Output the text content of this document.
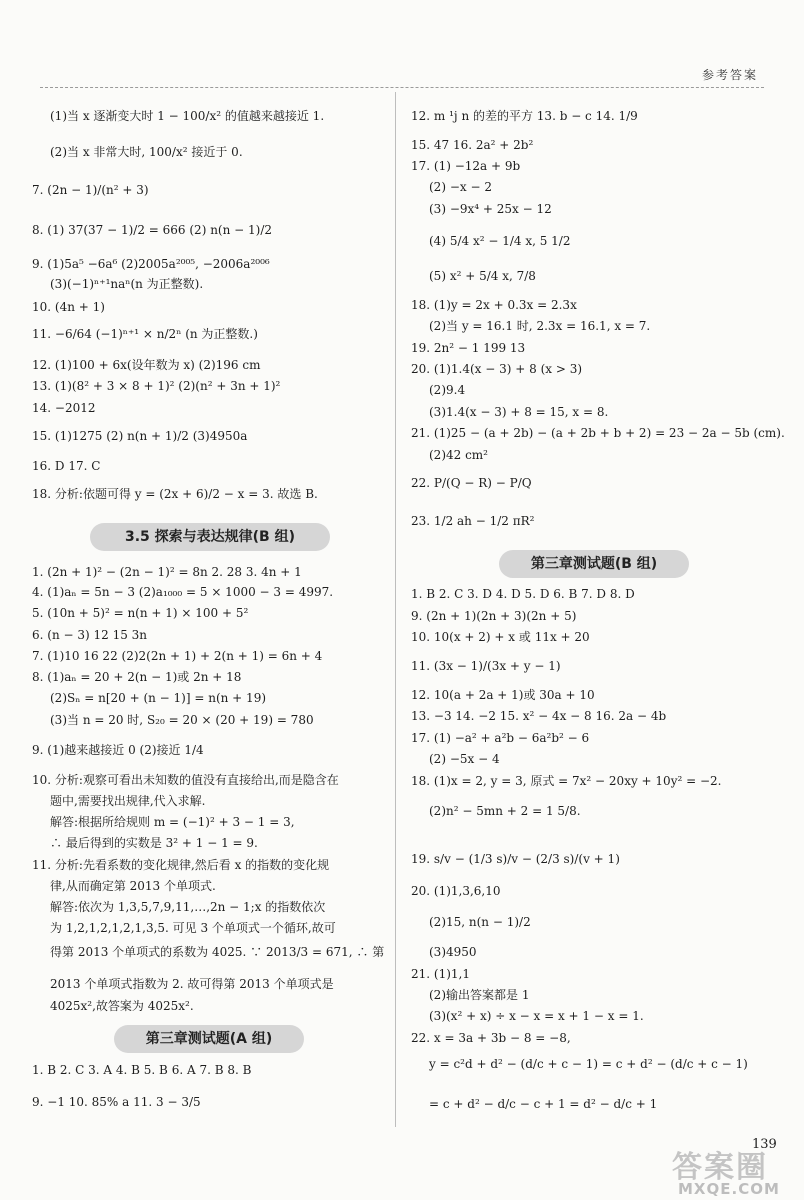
参考答案
(1)当 x 逐渐变大时 1 − 100/x² 的值越来越接近 1.
(2)当 x 非常大时, 100/x² 接近于 0.
7. (2n − 1)/(n² + 3)
8. (1) 37(37 − 1)/2 = 666 (2) n(n − 1)/2
9. (1)5a⁵ −6a⁶ (2)2005a²⁰⁰⁵, −2006a²⁰⁰⁶
(3)(−1)ⁿ⁺¹naⁿ(n 为正整数).
10. (4n + 1)
11. −6/64 (−1)ⁿ⁺¹ × n/2ⁿ (n 为正整数.)
12. (1)100 + 6x(设年数为 x) (2)196 cm
13. (1)(8² + 3 × 8 + 1)² (2)(n² + 3n + 1)²
14. −2012
15. (1)1275 (2) n(n + 1)/2 (3)4950a
16. D 17. C
18. 分析:依题可得 y = (2x + 6)/2 − x = 3. 故选 B.
3.5 探索与表达规律(B 组)
1. (2n + 1)² − (2n − 1)² = 8n 2. 28 3. 4n + 1
4. (1)aₙ = 5n − 3 (2)a₁₀₀₀ = 5 × 1000 − 3 = 4997.
5. (10n + 5)² = n(n + 1) × 100 + 5²
6. (n − 3) 12 15 3n
7. (1)10 16 22 (2)2(2n + 1) + 2(n + 1) = 6n + 4
8. (1)aₙ = 20 + 2(n − 1)或 2n + 18
(2)Sₙ = n[20 + (n − 1)] = n(n + 19)
(3)当 n = 20 时, S₂₀ = 20 × (20 + 19) = 780
9. (1)越来越接近 0 (2)接近 1/4
10. 分析:观察可看出未知数的值没有直接给出,而是隐含在
题中,需要找出规律,代入求解.
解答:根据所给规则 m = (−1)² + 3 − 1 = 3,
∴ 最后得到的实数是 3² + 1 − 1 = 9.
11. 分析:先看系数的变化规律,然后看 x 的指数的变化规
律,从而确定第 2013 个单项式.
解答:依次为 1,3,5,7,9,11,…,2n − 1;x 的指数依次
为 1,2,1,2,1,2,1,3,5. 可见 3 个单项式一个循环,故可
得第 2013 个单项式的系数为 4025. ∵ 2013/3 = 671, ∴ 第
2013 个单项式指数为 2. 故可得第 2013 个单项式是
4025x²,故答案为 4025x².
第三章测试题(A 组)
1. B 2. C 3. A 4. B 5. B 6. A 7. B 8. B
9. −1 10. 85% a 11. 3 − 3/5
12. m ¹j n 的差的平方 13. b − c 14. 1/9
15. 47 16. 2a² + 2b²
17. (1) −12a + 9b
(2) −x − 2
(3) −9x⁴ + 25x − 12
(4) 5/4 x² − 1/4 x, 5 1/2
(5) x² + 5/4 x, 7/8
18. (1)y = 2x + 0.3x = 2.3x
(2)当 y = 16.1 时, 2.3x = 16.1, x = 7.
19. 2n² − 1 199 13
20. (1)1.4(x − 3) + 8 (x > 3)
(2)9.4
(3)1.4(x − 3) + 8 = 15, x = 8.
21. (1)25 − (a + 2b) − (a + 2b + b + 2) = 23 − 2a − 5b (cm).
(2)42 cm²
22. P/(Q − R) − P/Q
23. 1/2 ah − 1/2 πR²
第三章测试题(B 组)
1. B 2. C 3. D 4. D 5. D 6. B 7. D 8. D
9. (2n + 1)(2n + 3)(2n + 5)
10. 10(x + 2) + x 或 11x + 20
11. (3x − 1)/(3x + y − 1)
12. 10(a + 2a + 1)或 30a + 10
13. −3 14. −2 15. x² − 4x − 8 16. 2a − 4b
17. (1) −a² + a²b − 6a²b² − 6
(2) −5x − 4
18. (1)x = 2, y = 3, 原式 = 7x² − 20xy + 10y² = −2.
(2)n² − 5mn + 2 = 1 5/8.
19. s/v − (1/3 s)/v − (2/3 s)/(v + 1)
20. (1)1,3,6,10
(2)15, n(n − 1)/2
(3)4950
21. (1)1,1
(2)输出答案都是 1
(3)(x² + x) ÷ x − x = x + 1 − x = 1.
22. x = 3a + 3b − 8 = −8,
y = c²d + d² − (d/c + c − 1) = c + d² − (d/c + c − 1)
= c + d² − d/c − c + 1 = d² − d/c + 1
139
答案圈
MXQE.COM
